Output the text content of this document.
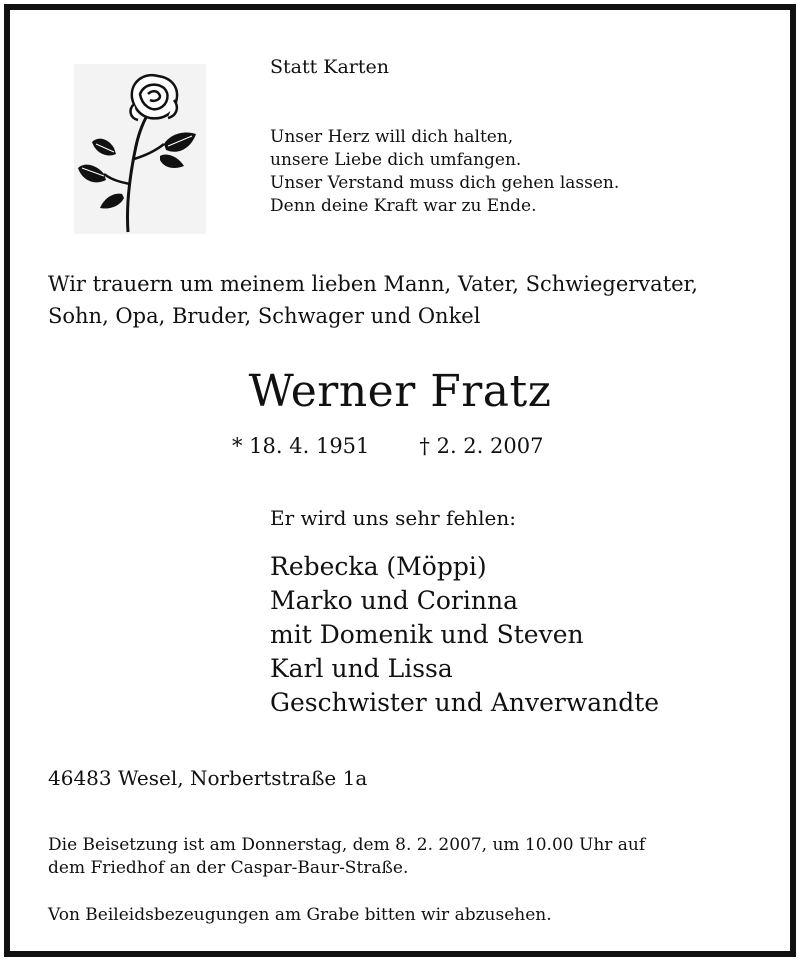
Statt Karten
Unser Herz will dich halten,
unsere Liebe dich umfangen.
Unser Verstand muss dich gehen lassen.
Denn deine Kraft war zu Ende.
Wir trauern um meinem lieben Mann, Vater, Schwiegervater,
Sohn, Opa, Bruder, Schwager und Onkel
Werner Fratz
* 18. 4. 1951 † 2. 2. 2007
Er wird uns sehr fehlen:
Rebecka (Möppi)
Marko und Corinna
mit Domenik und Steven
Karl und Lissa
Geschwister und Anverwandte
46483 Wesel, Norbertstraße 1a
Die Beisetzung ist am Donnerstag, dem 8. 2. 2007, um 10.00 Uhr auf
dem Friedhof an der Caspar-Baur-Straße.
Von Beileidsbezeugungen am Grabe bitten wir abzusehen.
